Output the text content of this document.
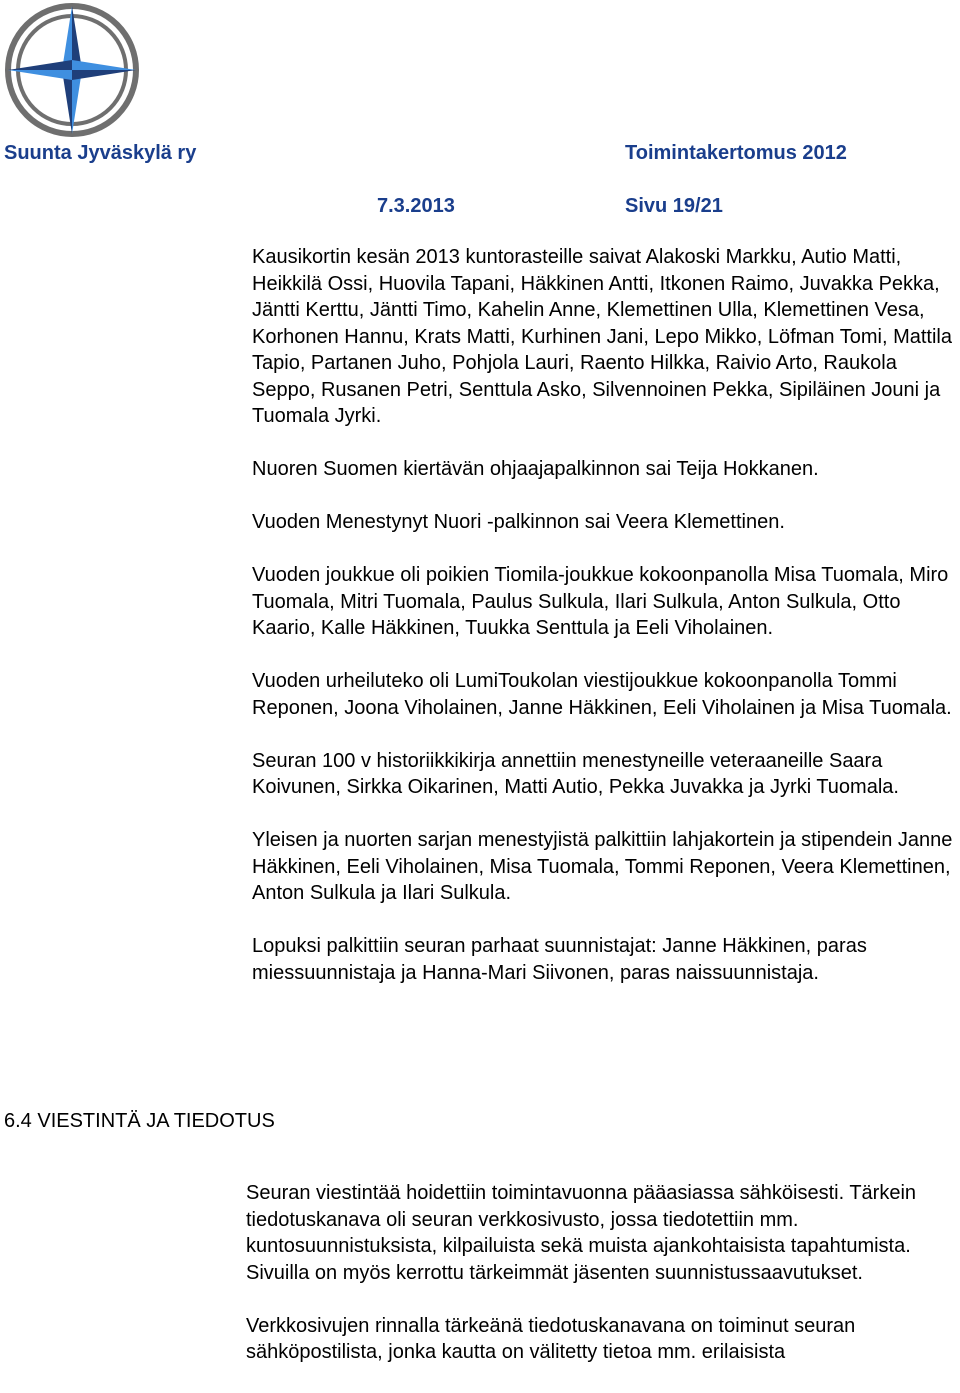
Suunta Jyväskylä ry	Toimintakertomus 2012
7.3.2013	Sivu 19/21

Kausikortin kesän 2013 kuntorasteille saivat Alakoski Markku, Autio Matti, Heikkilä Ossi, Huovila Tapani, Häkkinen Antti, Itkonen Raimo, Juvakka Pekka, Jäntti Kerttu, Jäntti Timo, Kahelin Anne, Klemettinen Ulla, Klemettinen Vesa, Korhonen Hannu, Krats Matti, Kurhinen Jani, Lepo Mikko, Löfman Tomi, Mattila Tapio, Partanen Juho, Pohjola Lauri, Raento Hilkka, Raivio Arto, Raukola Seppo, Rusanen Petri, Senttula Asko, Silvennoinen Pekka, Sipiläinen Jouni ja Tuomala Jyrki.

Nuoren Suomen kiertävän ohjaajapalkinnon sai Teija Hokkanen.

Vuoden Menestynyt Nuori -palkinnon sai Veera Klemettinen.

Vuoden joukkue oli poikien Tiomila-joukkue kokoonpanolla Misa Tuomala, Miro Tuomala, Mitri Tuomala, Paulus Sulkula, Ilari Sulkula, Anton Sulkula, Otto Kaario, Kalle Häkkinen, Tuukka Senttula ja Eeli Viholainen.

Vuoden urheiluteko oli LumiToukolan viestijoukkue kokoonpanolla Tommi Reponen, Joona Viholainen, Janne Häkkinen, Eeli Viholainen ja Misa Tuomala.

Seuran 100 v historiikkikirja annettiin menestyneille veteraaneille Saara Koivunen, Sirkka Oikarinen, Matti Autio, Pekka Juvakka ja Jyrki Tuomala.

Yleisen ja nuorten sarjan menestyjistä palkittiin lahjakortein ja stipendein Janne Häkkinen, Eeli Viholainen, Misa Tuomala, Tommi Reponen, Veera Klemettinen, Anton Sulkula ja Ilari Sulkula.

Lopuksi palkittiin seuran parhaat suunnistajat: Janne Häkkinen, paras miessuunnistaja ja Hanna-Mari Siivonen, paras naissuunnistaja.

6.4 VIESTINTÄ JA TIEDOTUS

Seuran viestintää hoidettiin toimintavuonna pääasiassa sähköisesti. Tärkein tiedotuskanava oli seuran verkkosivusto, jossa tiedotettiin mm. kuntosuunnistuksista, kilpailuista sekä muista ajankohtaisista tapahtumista. Sivuilla on myös kerrottu tärkeimmät jäsenten suunnistussaavutukset.

Verkkosivujen rinnalla tärkeänä tiedotuskanavana on toiminut seuran sähköpostilista, jonka kautta on välitetty tietoa mm. erilaisista
